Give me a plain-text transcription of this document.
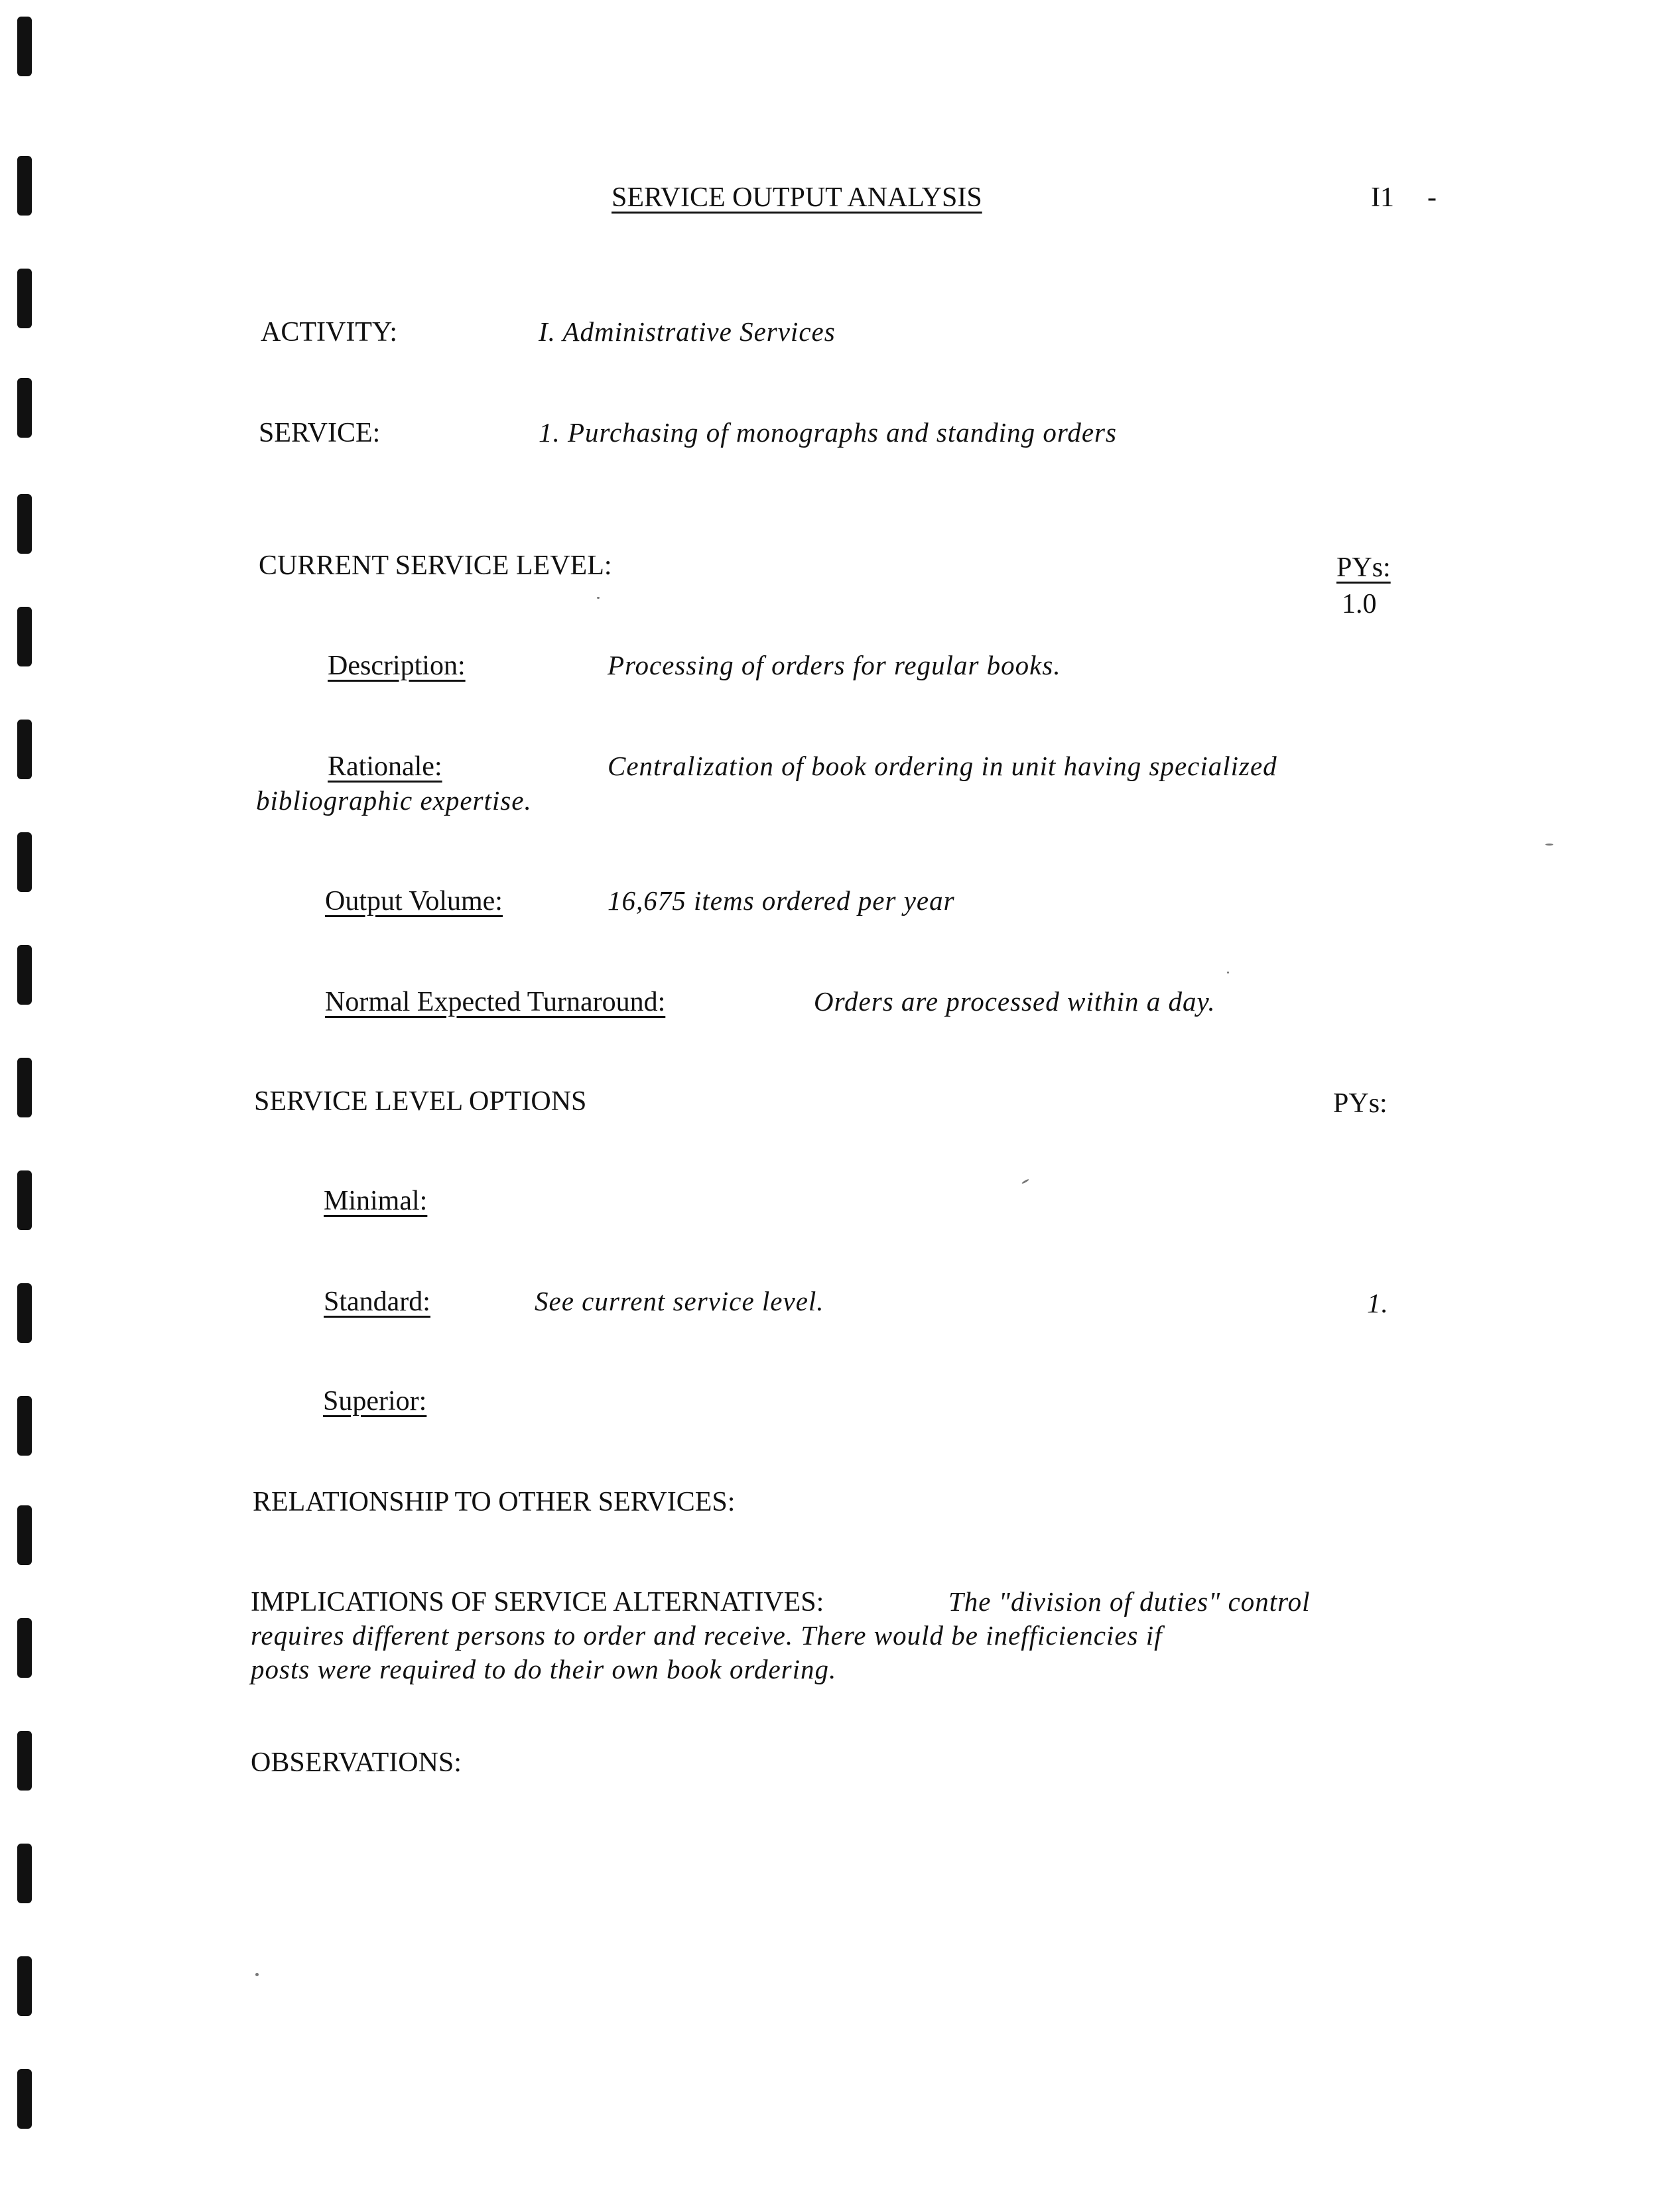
SERVICE OUTPUT ANALYSIS	I1 -
ACTIVITY:	I. Administrative Services
SERVICE:	1. Purchasing of monographs and standing orders
CURRENT SERVICE LEVEL:	PYs:
1.0
Description:	Processing of orders for regular books.
Rationale:	Centralization of book ordering in unit having specialized
bibliographic expertise.
Output Volume:	16,675 items ordered per year
Normal Expected Turnaround:	Orders are processed within a day.
SERVICE LEVEL OPTIONS	PYs:
Minimal:
Standard:	See current service level.	1.
Superior:
RELATIONSHIP TO OTHER SERVICES:
IMPLICATIONS OF SERVICE ALTERNATIVES:	The "division of duties" control
requires different persons to order and receive. There would be inefficiencies if
posts were required to do their own book ordering.
OBSERVATIONS:
